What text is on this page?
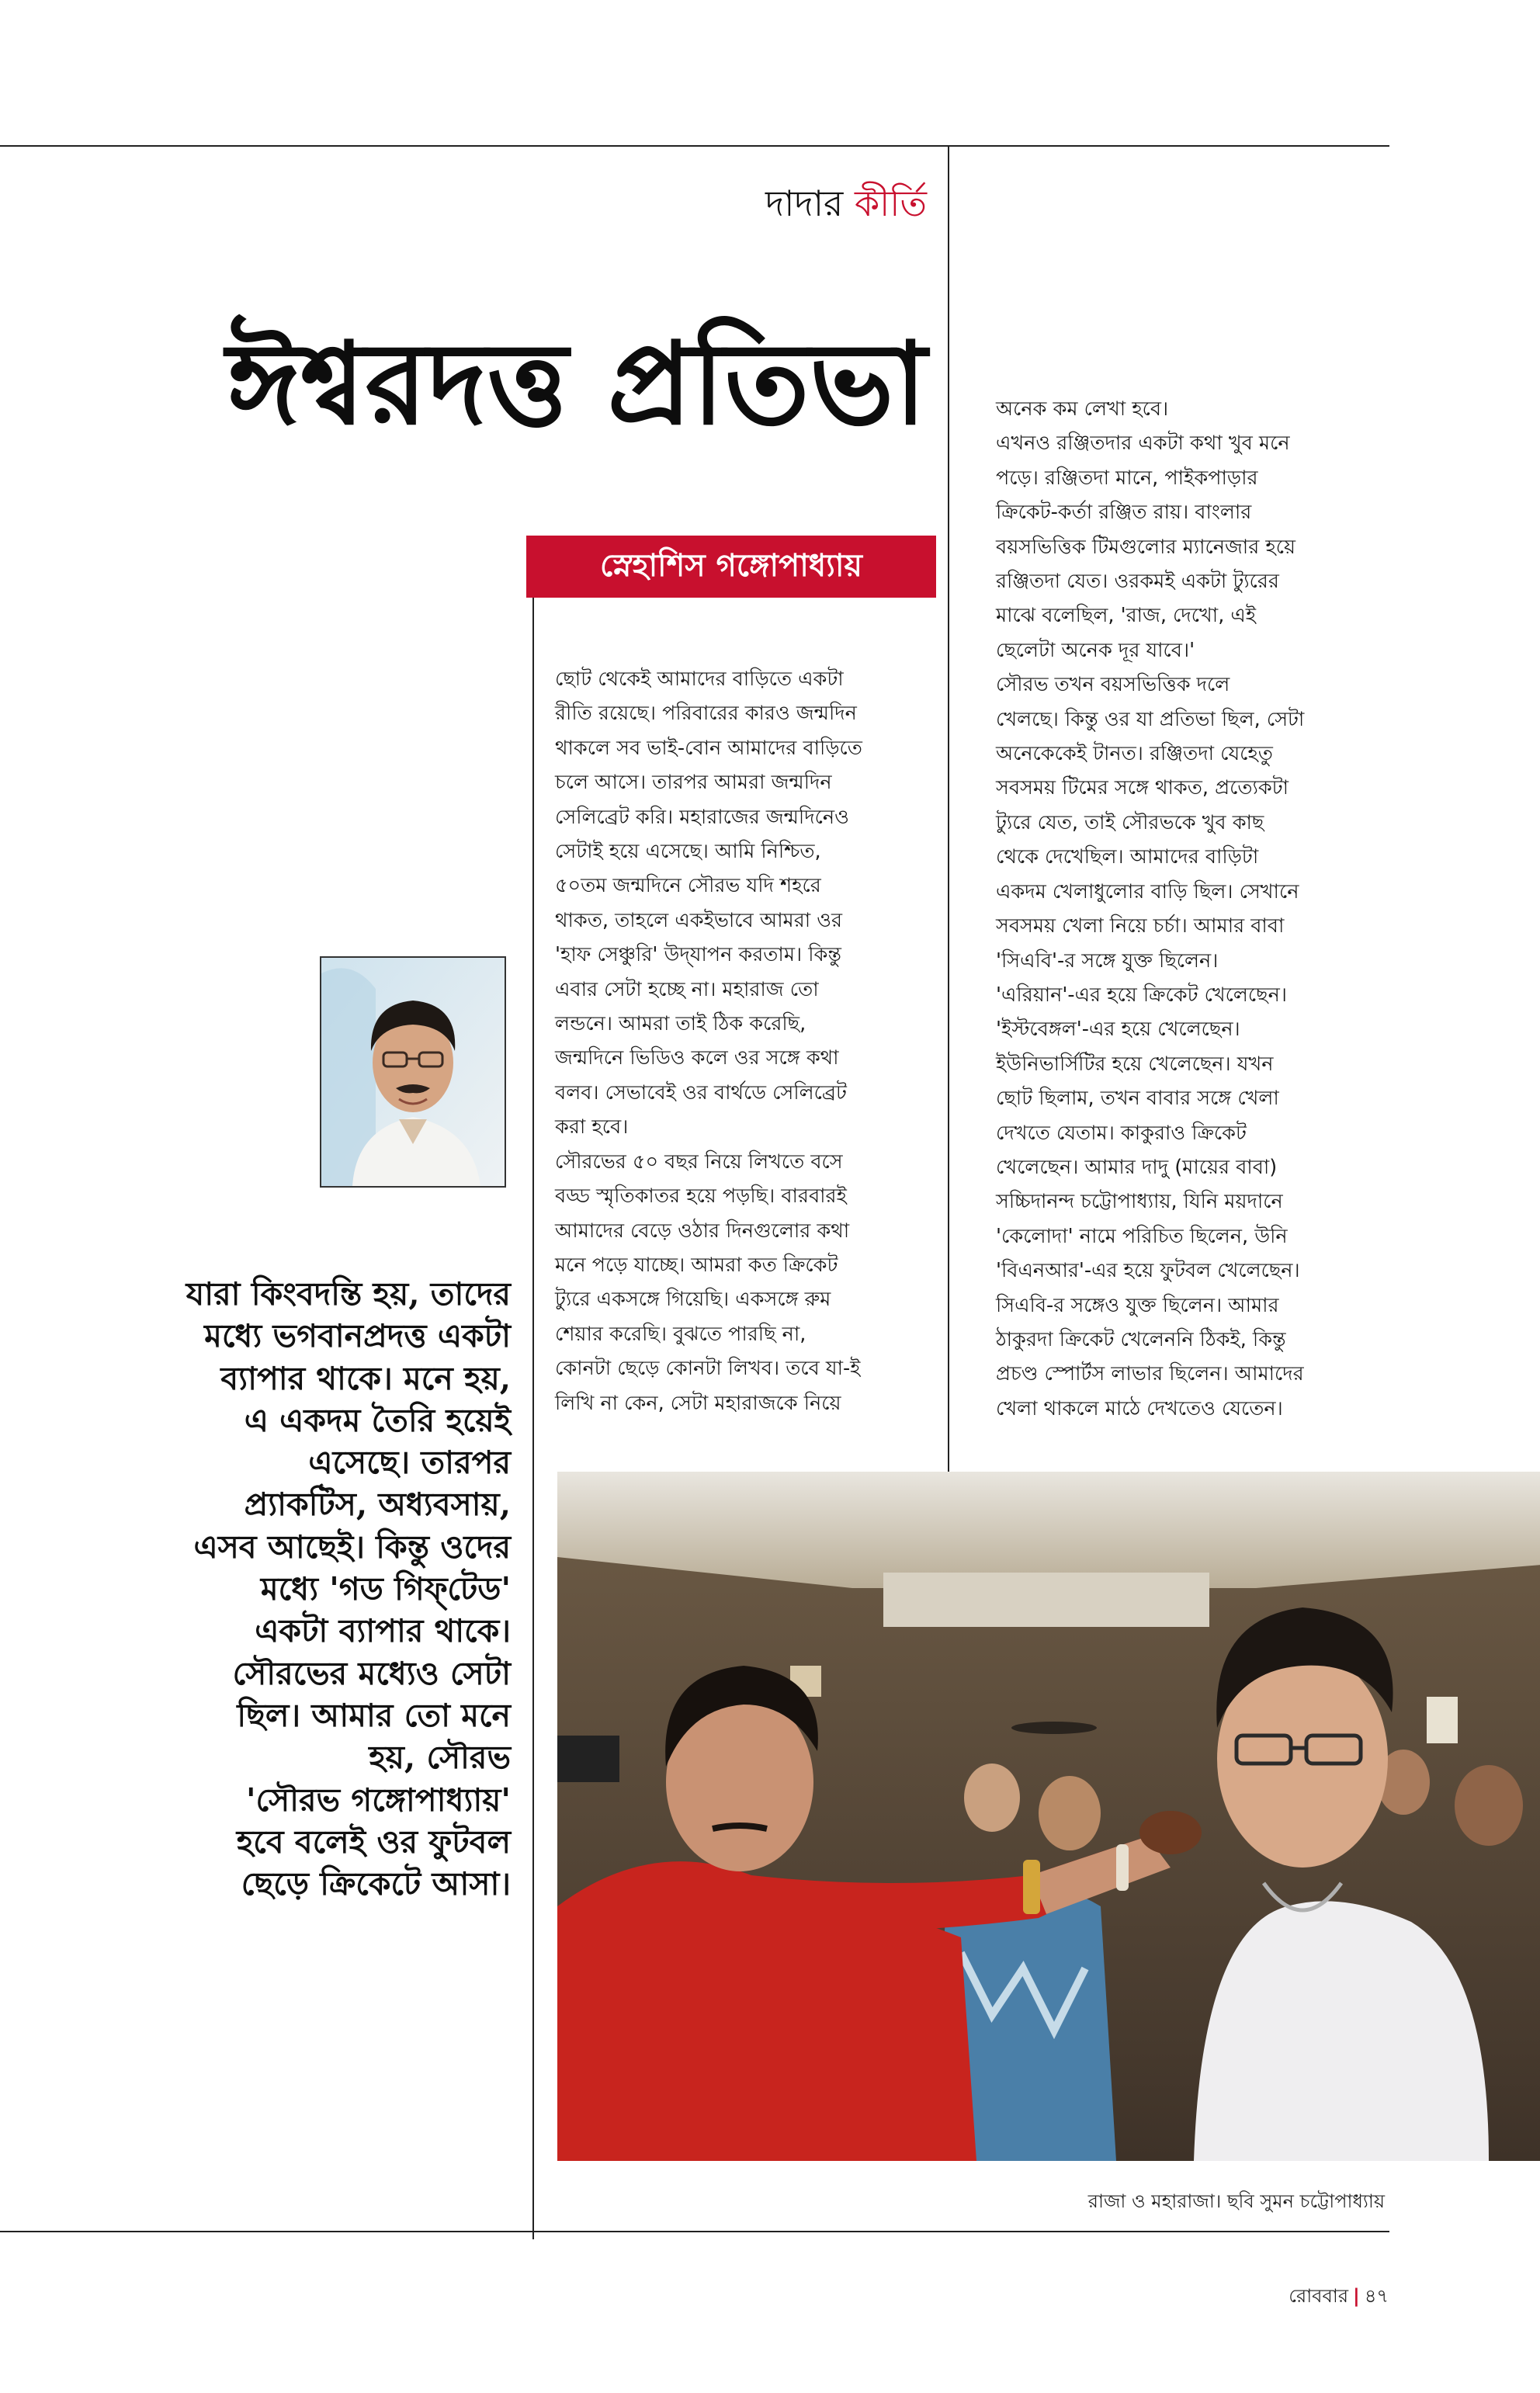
দাদার কীর্তি
ঈশ্বরদত্ত প্রতিভা
স্নেহাশিস গঙ্গোপাধ্যায়
ছোট থেকেই আমাদের বাড়িতে একটা
রীতি রয়েছে। পরিবারের কারও জন্মদিন
থাকলে সব ভাই-বোন আমাদের বাড়িতে
চলে আসে। তারপর আমরা জন্মদিন
সেলিব্রেট করি। মহারাজের জন্মদিনেও
সেটাই হয়ে এসেছে। আমি নিশ্চিত,
৫০তম জন্মদিনে সৌরভ যদি শহরে
থাকত, তাহলে একইভাবে আমরা ওর
'হাফ সেঞ্চুরি' উদ্‌যাপন করতাম। কিন্তু
এবার সেটা হচ্ছে না। মহারাজ তো
লন্ডনে। আমরা তাই ঠিক করেছি,
জন্মদিনে ভিডিও কলে ওর সঙ্গে কথা
বলব। সেভাবেই ওর বার্থডে সেলিব্রেট
করা হবে।
সৌরভের ৫০ বছর নিয়ে লিখতে বসে
বড্ড স্মৃতিকাতর হয়ে পড়ছি। বারবারই
আমাদের বেড়ে ওঠার দিনগুলোর কথা
মনে পড়ে যাচ্ছে। আমরা কত ক্রিকেট
ট্যুরে একসঙ্গে গিয়েছি। একসঙ্গে রুম
শেয়ার করেছি। বুঝতে পারছি না,
কোনটা ছেড়ে কোনটা লিখব। তবে যা-ই
লিখি না কেন, সেটা মহারাজকে নিয়ে
অনেক কম লেখা হবে।
এখনও রঞ্জিতদার একটা কথা খুব মনে
পড়ে। রঞ্জিতদা মানে, পাইকপাড়ার
ক্রিকেট-কর্তা রঞ্জিত রায়। বাংলার
বয়সভিত্তিক টিমগুলোর ম্যানেজার হয়ে
রঞ্জিতদা যেত। ওরকমই একটা ট্যুরের
মাঝে বলেছিল, 'রাজ, দেখো, এই
ছেলেটা অনেক দূর যাবে।'
সৌরভ তখন বয়সভিত্তিক দলে
খেলছে। কিন্তু ওর যা প্রতিভা ছিল, সেটা
অনেকেকেই টানত। রঞ্জিতদা যেহেতু
সবসময় টিমের সঙ্গে থাকত, প্রত্যেকটা
ট্যুরে যেত, তাই সৌরভকে খুব কাছ
থেকে দেখেছিল। আমাদের বাড়িটা
একদম খেলাধুলোর বাড়ি ছিল। সেখানে
সবসময় খেলা নিয়ে চর্চা। আমার বাবা
'সিএবি'-র সঙ্গে যুক্ত ছিলেন।
'এরিয়ান'-এর হয়ে ক্রিকেট খেলেছেন।
'ইস্টবেঙ্গল'-এর হয়ে খেলেছেন।
ইউনিভার্সিটির হয়ে খেলেছেন। যখন
ছোট ছিলাম, তখন বাবার সঙ্গে খেলা
দেখতে যেতাম। কাকুরাও ক্রিকেট
খেলেছেন। আমার দাদু (মায়ের বাবা)
সচ্চিদানন্দ চট্টোপাধ্যায়, যিনি ময়দানে
'কেলোদা' নামে পরিচিত ছিলেন, উনি
'বিএনআর'-এর হয়ে ফুটবল খেলেছেন।
সিএবি-র সঙ্গেও যুক্ত ছিলেন। আমার
ঠাকুরদা ক্রিকেট খেলেননি ঠিকই, কিন্তু
প্রচণ্ড স্পোর্টস লাভার ছিলেন। আমাদের
খেলা থাকলে মাঠে দেখতেও যেতেন।
যারা কিংবদন্তি হয়, তাদের
মধ্যে ভগবানপ্রদত্ত একটা
ব্যাপার থাকে। মনে হয়,
এ একদম তৈরি হয়েই
এসেছে। তারপর
প্র্যাকটিস, অধ্যবসায়,
এসব আছেই। কিন্তু ওদের
মধ্যে 'গড গিফ্‌টেড'
একটা ব্যাপার থাকে।
সৌরভের মধ্যেও সেটা
ছিল। আমার তো মনে
হয়, সৌরভ
'সৌরভ গঙ্গোপাধ্যায়'
হবে বলেই ওর ফুটবল
ছেড়ে ক্রিকেটে আসা।
রাজা ও মহারাজা। ছবি সুমন চট্টোপাধ্যায়
রোববার | ৪৭
